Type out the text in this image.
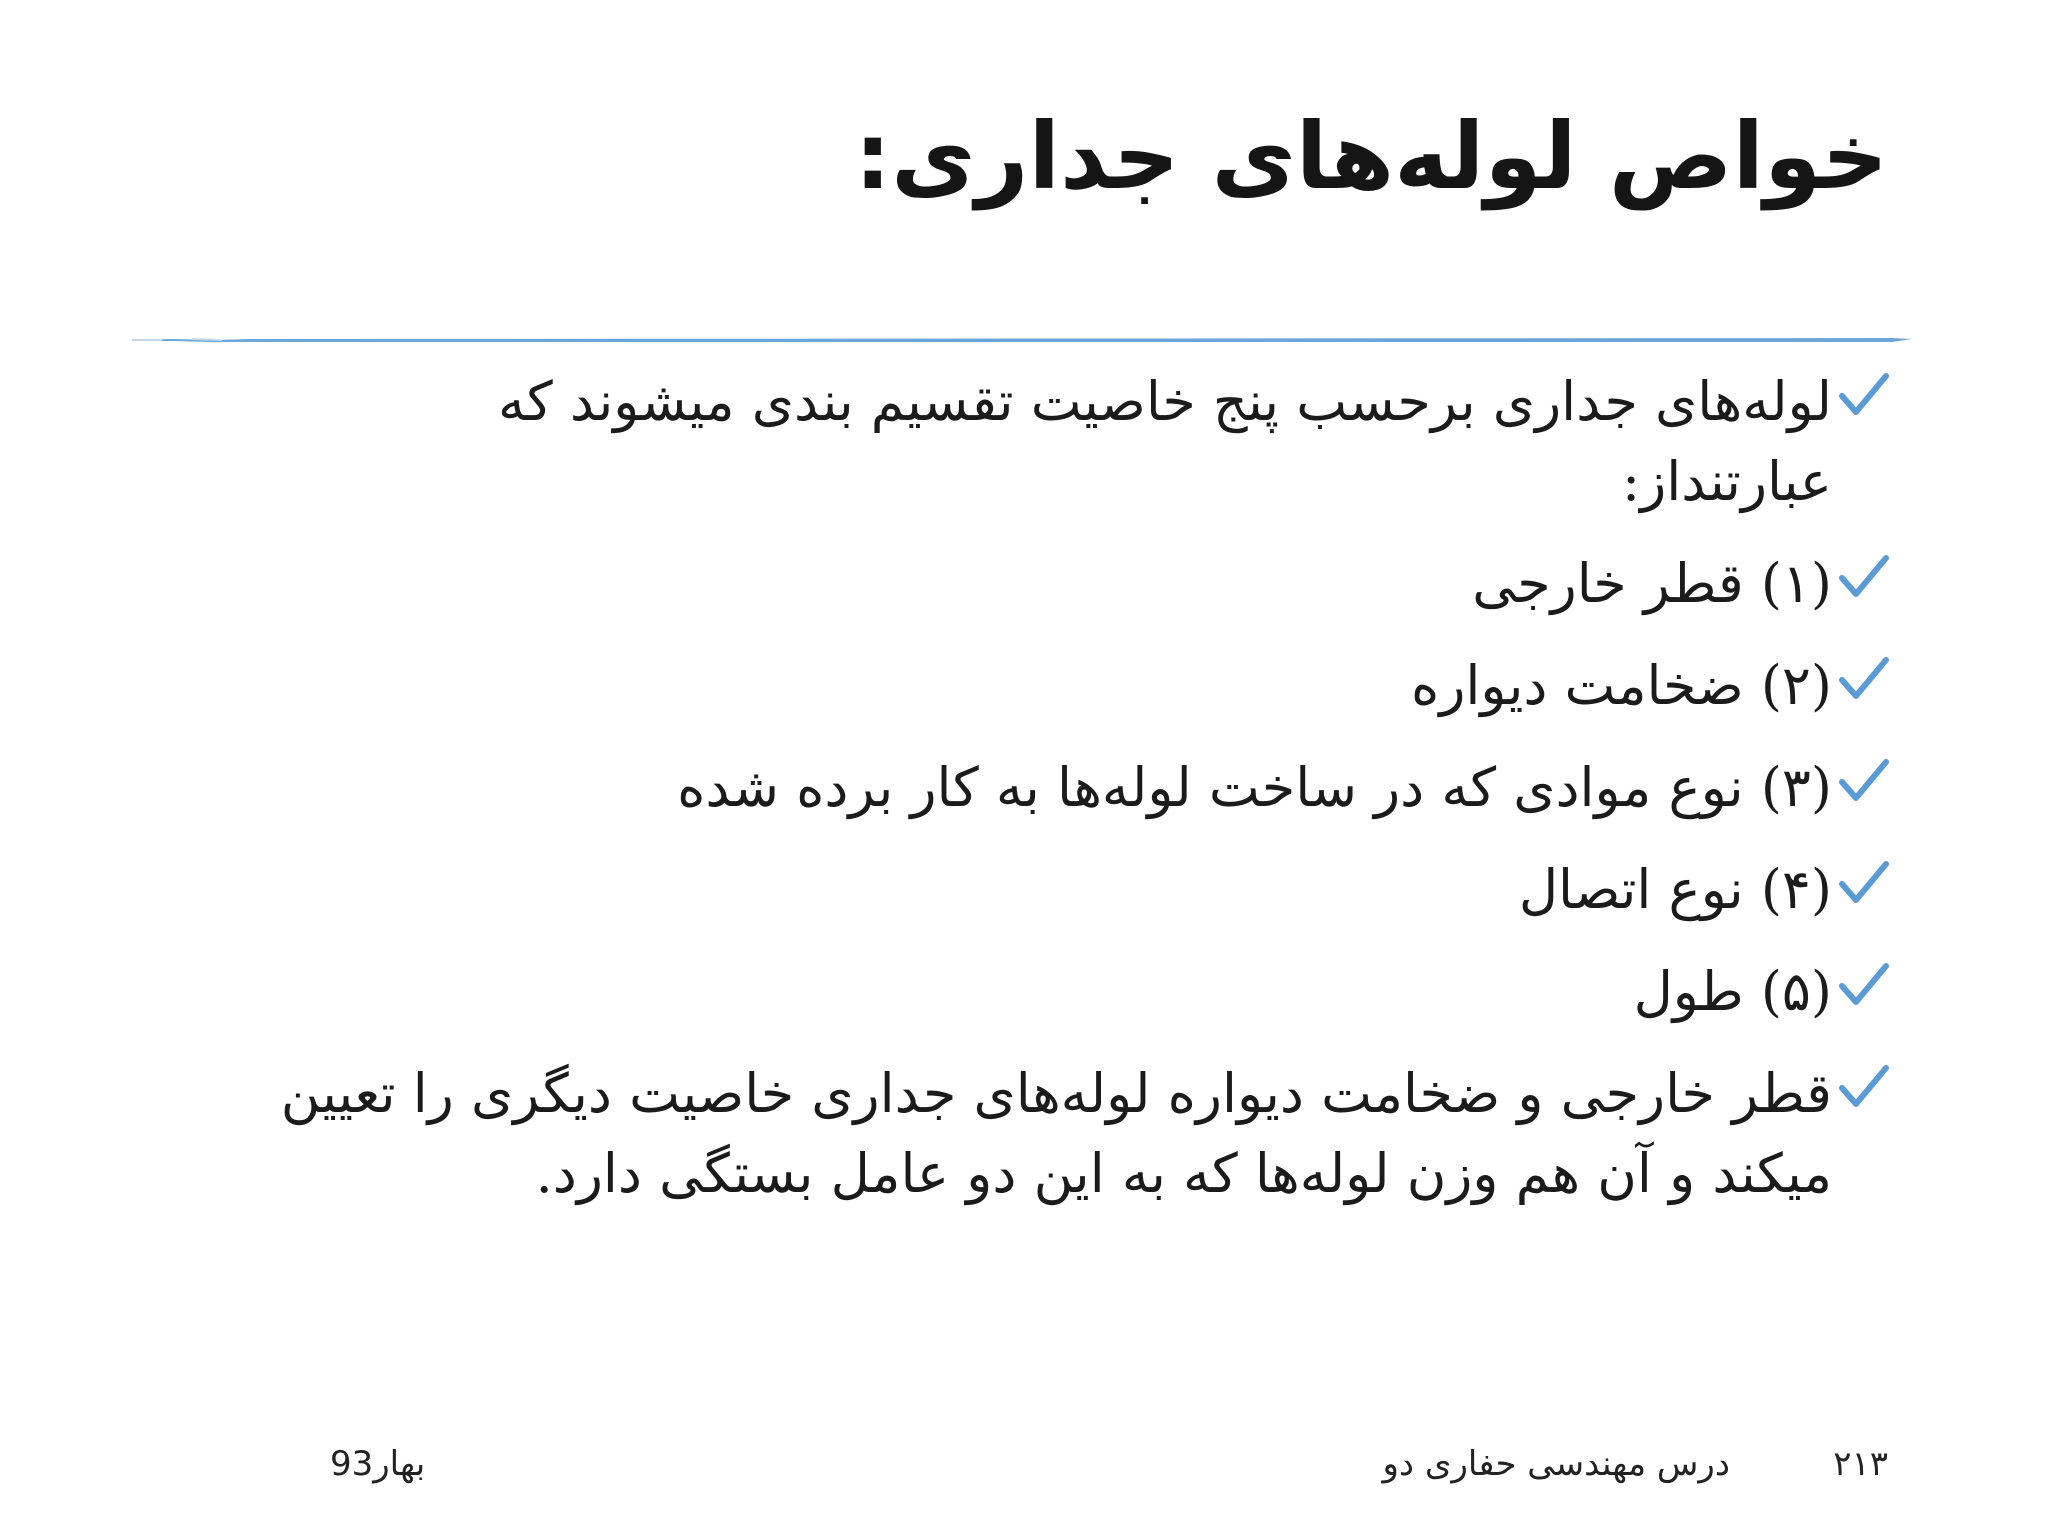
خواص لوله‌های جداری:
لوله‌های جداری برحسب پنج خاصیت تقسیم بندی میشوند که عبارتنداز:
(۱) قطر خارجی
(۲) ضخامت دیواره
(۳) نوع موادی که در ساخت لوله‌ها به کار برده شده
(۴) نوع اتصال
(۵) طول
قطر خارجی و ضخامت دیواره لوله‌های جداری خاصیت دیگری را تعیین میکند و آن هم وزن لوله‌ها که به این دو عامل بستگی دارد.
۲۱۳
درس مهندسی حفاری دو
بهار93
